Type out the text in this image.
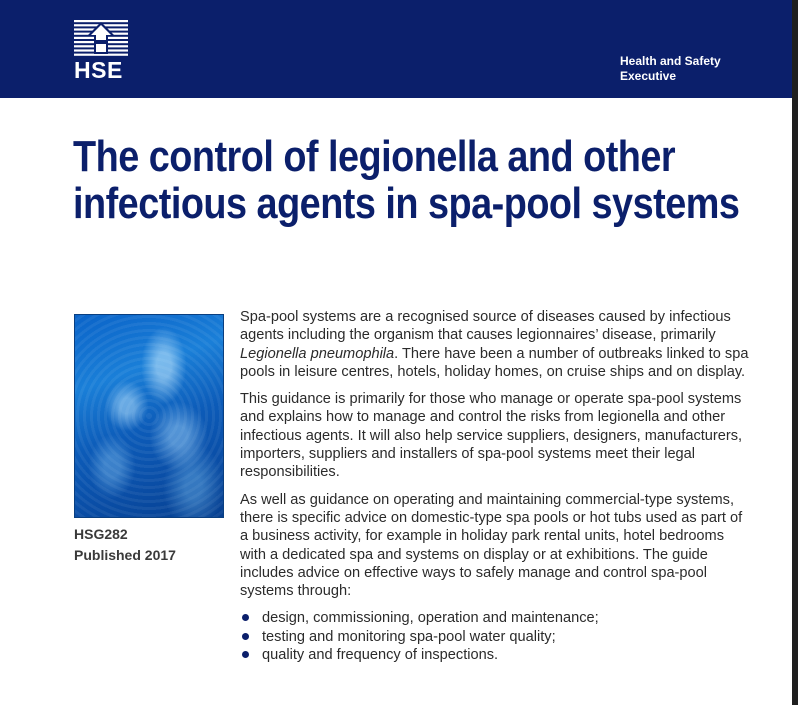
HSE	Health and Safety
Executive
The control of legionella and other infectious agents in spa-pool systems
HSG282
Published 2017

Spa-pool systems are a recognised source of diseases caused by infectious agents including the organism that causes legionnaires’ disease, primarily Legionella pneumophila. There have been a number of outbreaks linked to spa pools in leisure centres, hotels, holiday homes, on cruise ships and on display.

This guidance is primarily for those who manage or operate spa-pool systems and explains how to manage and control the risks from legionella and other infectious agents. It will also help service suppliers, designers, manufacturers, importers, suppliers and installers of spa-pool systems meet their legal responsibilities.

As well as guidance on operating and maintaining commercial-type systems, there is specific advice on domestic-type spa pools or hot tubs used as part of a business activity, for example in holiday park rental units, hotel bedrooms with a dedicated spa and systems on display or at exhibitions. The guide includes advice on effective ways to safely manage and control spa-pool systems through:

design, commissioning, operation and maintenance;
testing and monitoring spa-pool water quality;
quality and frequency of inspections.
